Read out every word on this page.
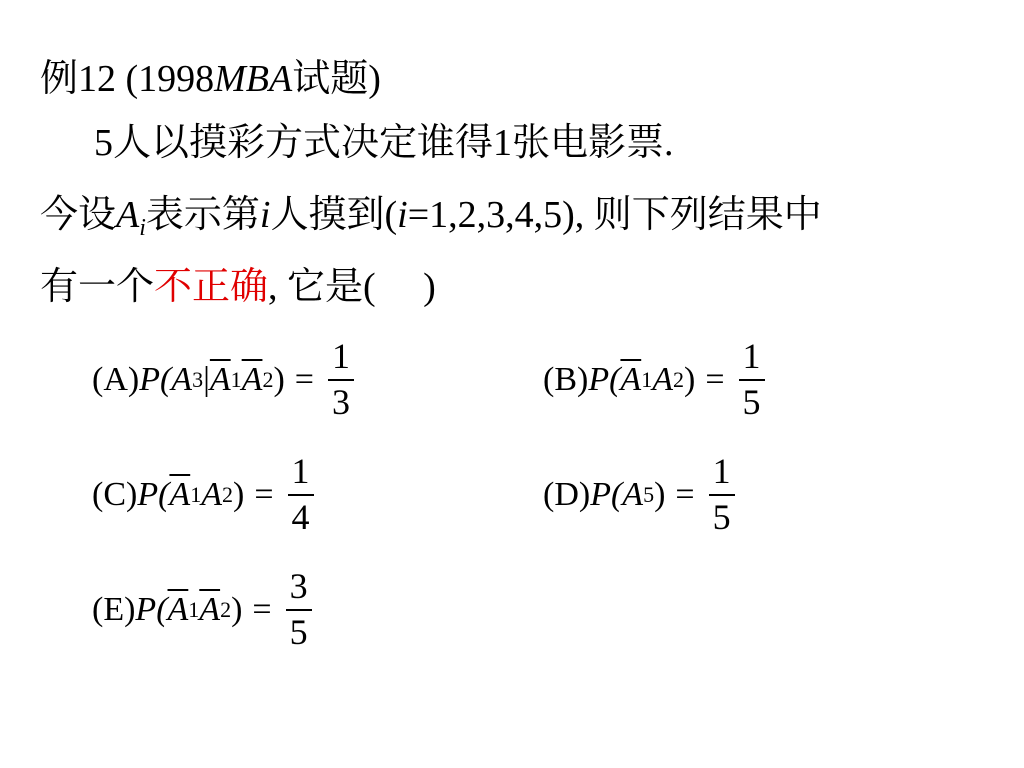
例12 (1998MBA试题)
5人以摸彩方式决定谁得1张电影票.
今设$A_i$表示第i人摸到(i=1,2,3,4,5), 则下列结果中
有一个不正确, 它是(　 )
(A) P(A 3 | $\overline{A}$ 1 $\overline{A}$ 2 ) = $\frac{1}{3}$	(B) P( $\overline{A}$ 1 A 2 ) = $\frac{1}{5}$
(C) P( $\overline{A}$ 1 A 2 ) = $\frac{1}{4}$	(D) P(A 5 ) = $\frac{1}{5}$
(E) P( $\overline{A}$ 1 $\overline{A}$ 2 ) = $\frac{3}{5}$
